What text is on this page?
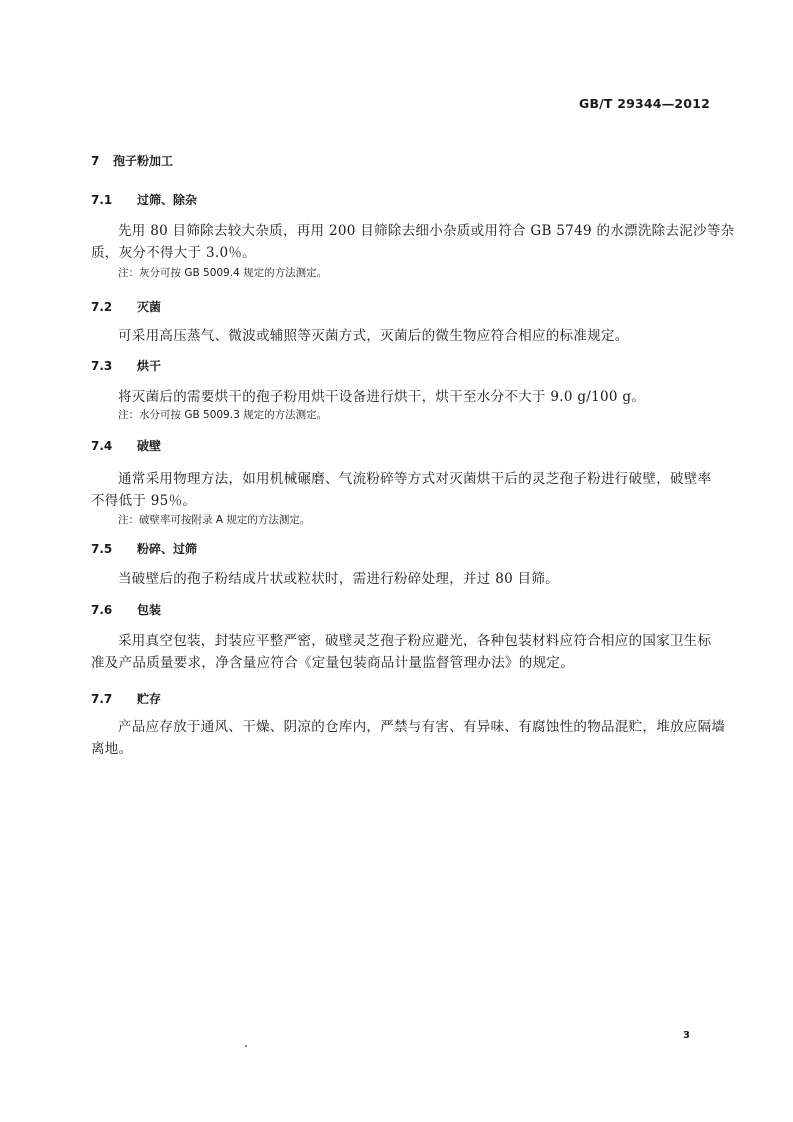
GB/T 29344—2012
7 孢子粉加工
7.1 过筛、除杂
先用 80 目筛除去较大杂质，再用 200 目筛除去细小杂质或用符合 GB 5749 的水漂洗除去泥沙等杂
质，灰分不得大于 3.0％。
注：灰分可按 GB 5009.4 规定的方法测定。
7.2 灭菌
可采用高压蒸气、微波或辅照等灭菌方式，灭菌后的微生物应符合相应的标准规定。
7.3 烘干
将灭菌后的需要烘干的孢子粉用烘干设备进行烘干，烘干至水分不大于 9.0 g/100 g。
注：水分可按 GB 5009.3 规定的方法测定。
7.4 破壁
通常采用物理方法，如用机械碾磨、气流粉碎等方式对灭菌烘干后的灵芝孢子粉进行破壁，破壁率
不得低于 95％。
注：破壁率可按附录 A 规定的方法测定。
7.5 粉碎、过筛
当破壁后的孢子粉结成片状或粒状时，需进行粉碎处理，并过 80 目筛。
7.6 包装
采用真空包装，封装应平整严密，破壁灵芝孢子粉应避光，各种包装材料应符合相应的国家卫生标
准及产品质量要求，净含量应符合《定量包装商品计量监督管理办法》的规定。
7.7 贮存
产品应存放于通风、干燥、阴凉的仓库内，严禁与有害、有异味、有腐蚀性的物品混贮，堆放应隔墙
离地。
3
